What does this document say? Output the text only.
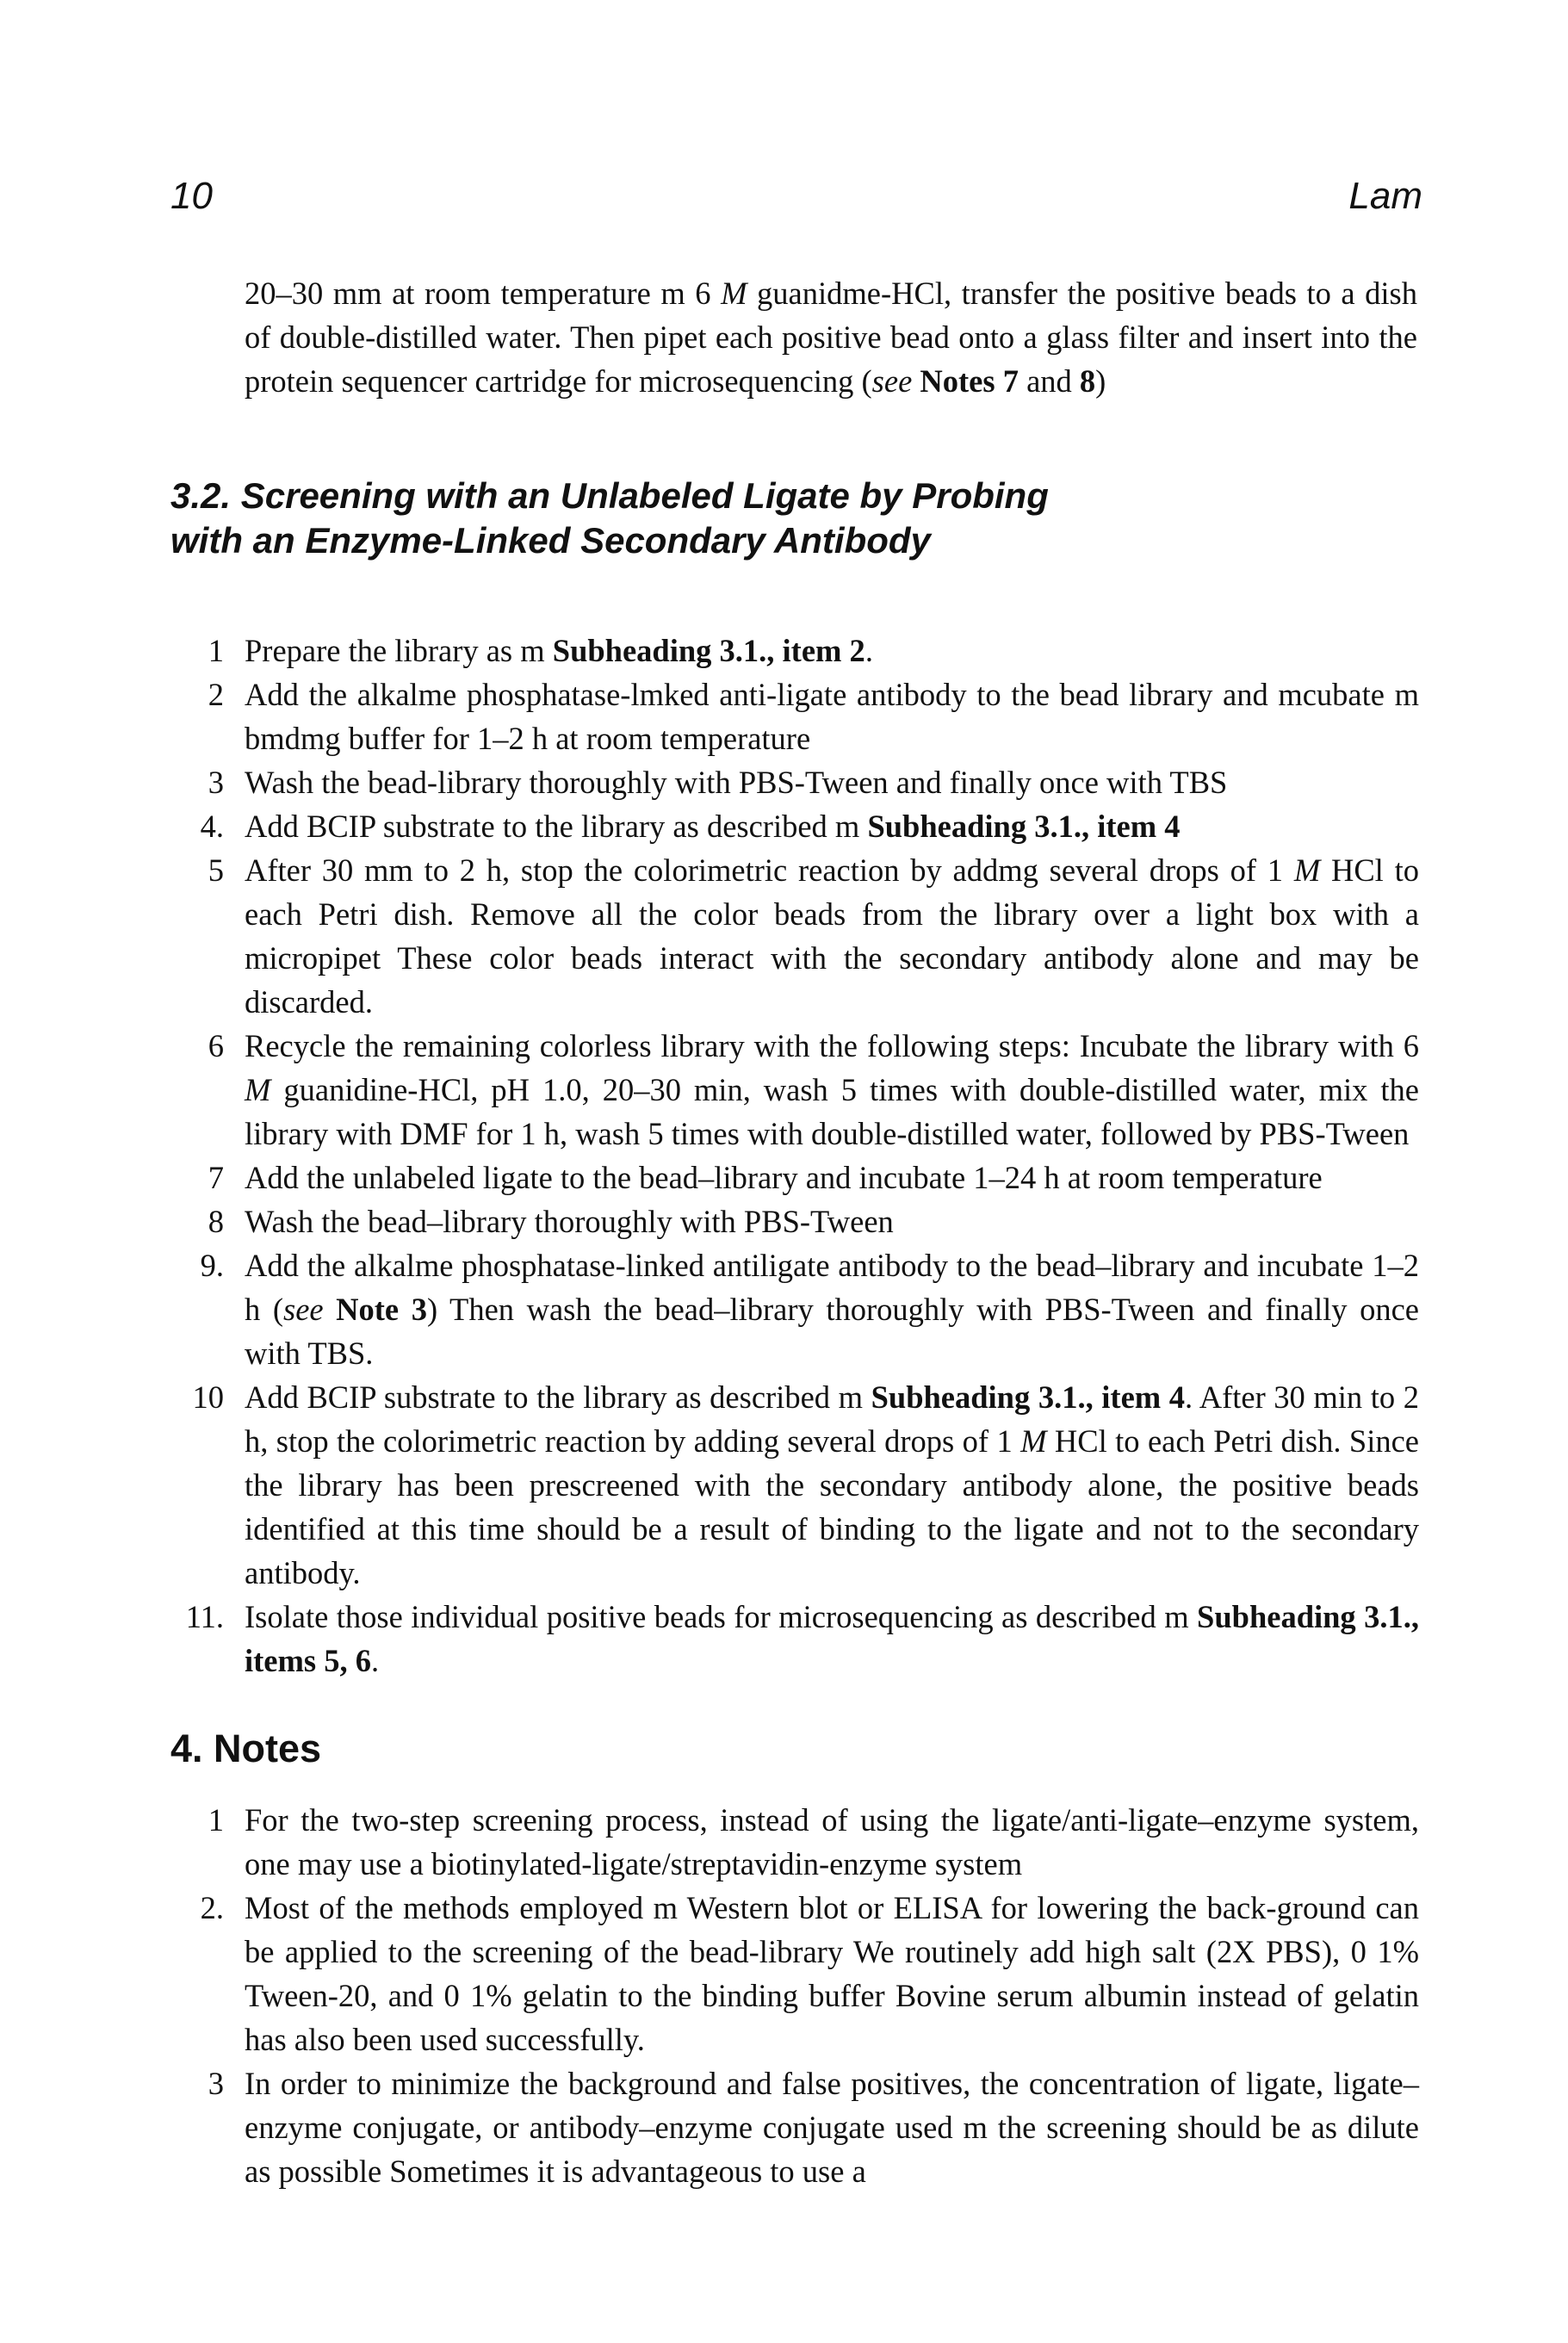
10	Lam
20–30 mm at room temperature m 6 M guanidme-HCl, transfer the positive beads to a dish of double-distilled water. Then pipet each positive bead onto a glass filter and insert into the protein sequencer cartridge for microsequencing (see Notes 7 and 8)
3.2. Screening with an Unlabeled Ligate by Probing
with an Enzyme-Linked Secondary Antibody
1 Prepare the library as m Subheading 3.1., item 2.
2 Add the alkalme phosphatase-lmked anti-ligate antibody to the bead library and mcubate m bmdmg buffer for 1–2 h at room temperature
3 Wash the bead-library thoroughly with PBS-Tween and finally once with TBS
4. Add BCIP substrate to the library as described m Subheading 3.1., item 4
5 After 30 mm to 2 h, stop the colorimetric reaction by addmg several drops of 1 M HCl to each Petri dish. Remove all the color beads from the library over a light box with a micropipet These color beads interact with the secondary antibody alone and may be discarded.
6 Recycle the remaining colorless library with the following steps: Incubate the library with 6 M guanidine-HCl, pH 1.0, 20–30 min, wash 5 times with double-distilled water, mix the library with DMF for 1 h, wash 5 times with double-distilled water, followed by PBS-Tween
7 Add the unlabeled ligate to the bead–library and incubate 1–24 h at room temperature
8 Wash the bead–library thoroughly with PBS-Tween
9. Add the alkalme phosphatase-linked antiligate antibody to the bead–library and incubate 1–2 h (see Note 3) Then wash the bead–library thoroughly with PBS-Tween and finally once with TBS.
10 Add BCIP substrate to the library as described m Subheading 3.1., item 4. After 30 min to 2 h, stop the colorimetric reaction by adding several drops of 1 M HCl to each Petri dish. Since the library has been prescreened with the secondary antibody alone, the positive beads identified at this time should be a result of binding to the ligate and not to the secondary antibody.
11. Isolate those individual positive beads for microsequencing as described m Subheading 3.1., items 5, 6.
4. Notes
1 For the two-step screening process, instead of using the ligate/anti-ligate–enzyme system, one may use a biotinylated-ligate/streptavidin-enzyme system
2. Most of the methods employed m Western blot or ELISA for lowering the back-ground can be applied to the screening of the bead-library We routinely add high salt (2X PBS), 0 1% Tween-20, and 0 1% gelatin to the binding buffer Bovine serum albumin instead of gelatin has also been used successfully.
3 In order to minimize the background and false positives, the concentration of ligate, ligate–enzyme conjugate, or antibody–enzyme conjugate used m the screening should be as dilute as possible Sometimes it is advantageous to use a
